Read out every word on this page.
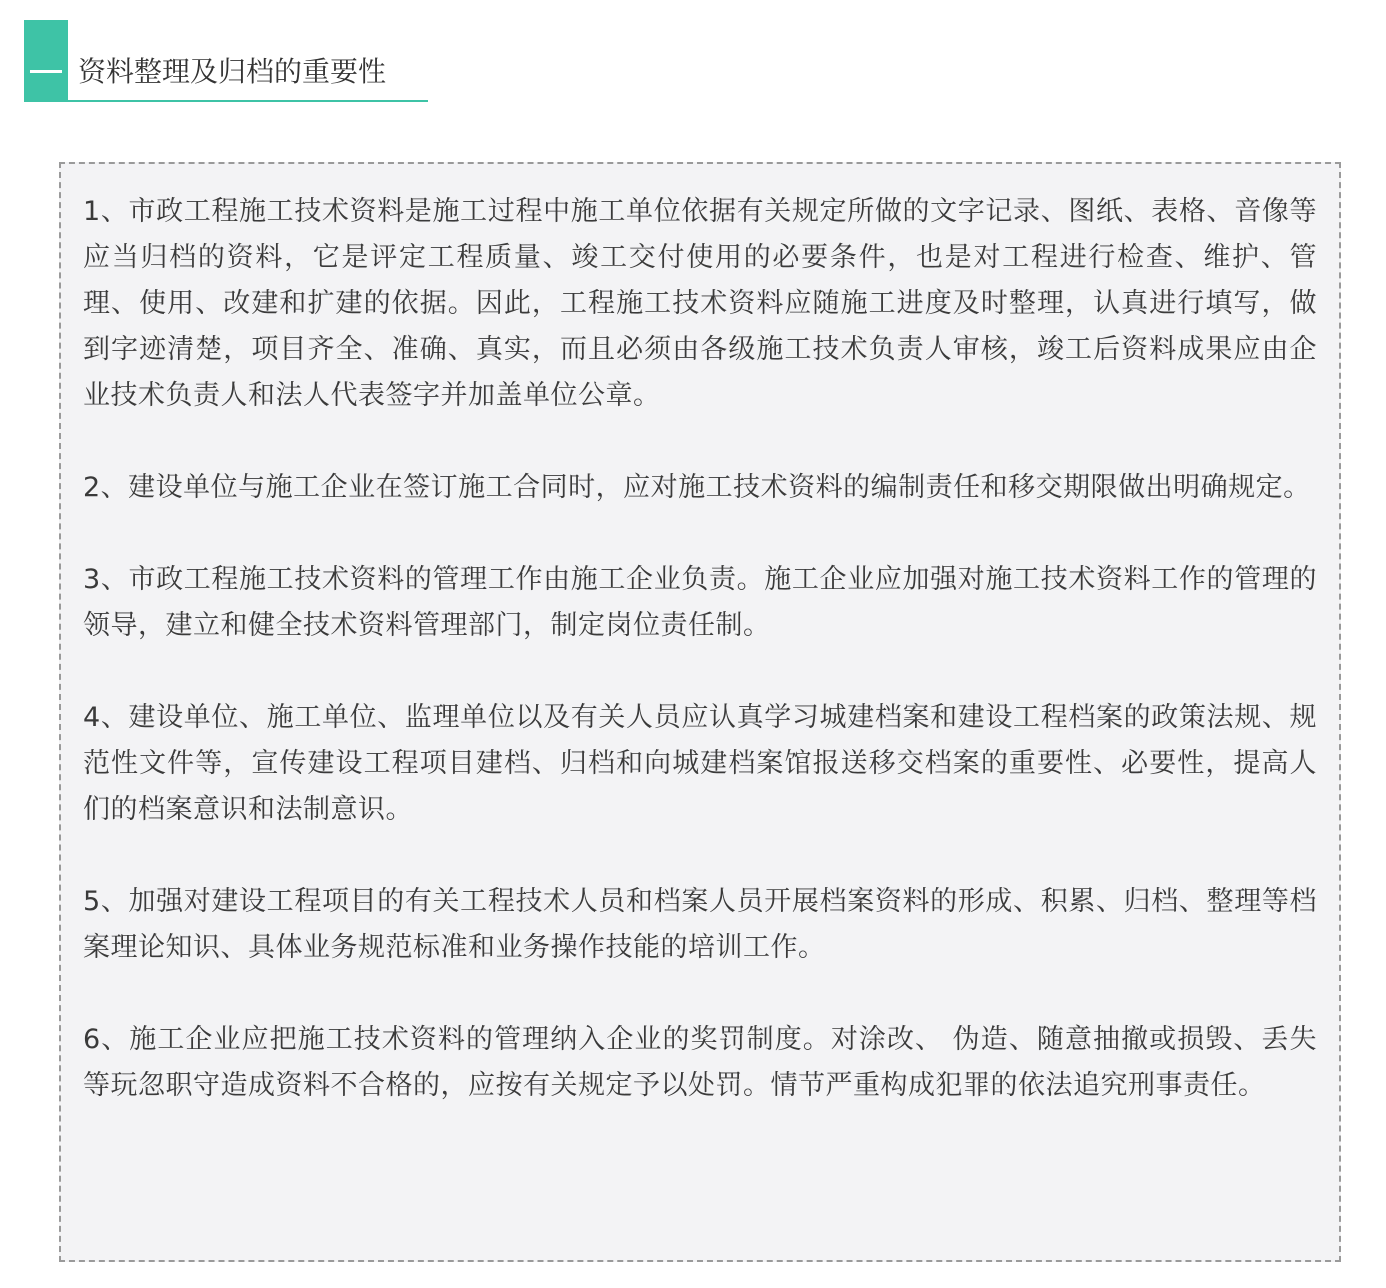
资料整理及归档的重要性

1、市政工程施工技术资料是施工过程中施工单位依据有关规定所做的文字记录、图纸、表格、音像等应当归档的资料，它是评定工程质量、竣工交付使用的必要条件，也是对工程进行检查、维护、管理、使用、改建和扩建的依据。因此，工程施工技术资料应随施工进度及时整理，认真进行填写，做到字迹清楚，项目齐全、准确、真实，而且必须由各级施工技术负责人审核，竣工后资料成果应由企业技术负责人和法人代表签字并加盖单位公章。

2、建设单位与施工企业在签订施工合同时，应对施工技术资料的编制责任和移交期限做出明确规定。

3、市政工程施工技术资料的管理工作由施工企业负责。施工企业应加强对施工技术资料工作的管理的领导，建立和健全技术资料管理部门，制定岗位责任制。

4、建设单位、施工单位、监理单位以及有关人员应认真学习城建档案和建设工程档案的政策法规、规范性文件等，宣传建设工程项目建档、归档和向城建档案馆报送移交档案的重要性、必要性，提高人们的档案意识和法制意识。

5、加强对建设工程项目的有关工程技术人员和档案人员开展档案资料的形成、积累、归档、整理等档案理论知识、具体业务规范标准和业务操作技能的培训工作。

6、施工企业应把施工技术资料的管理纳入企业的奖罚制度。对涂改、 伪造、随意抽撤或损毁、丢失等玩忽职守造成资料不合格的，应按有关规定予以处罚。情节严重构成犯罪的依法追究刑事责任。
